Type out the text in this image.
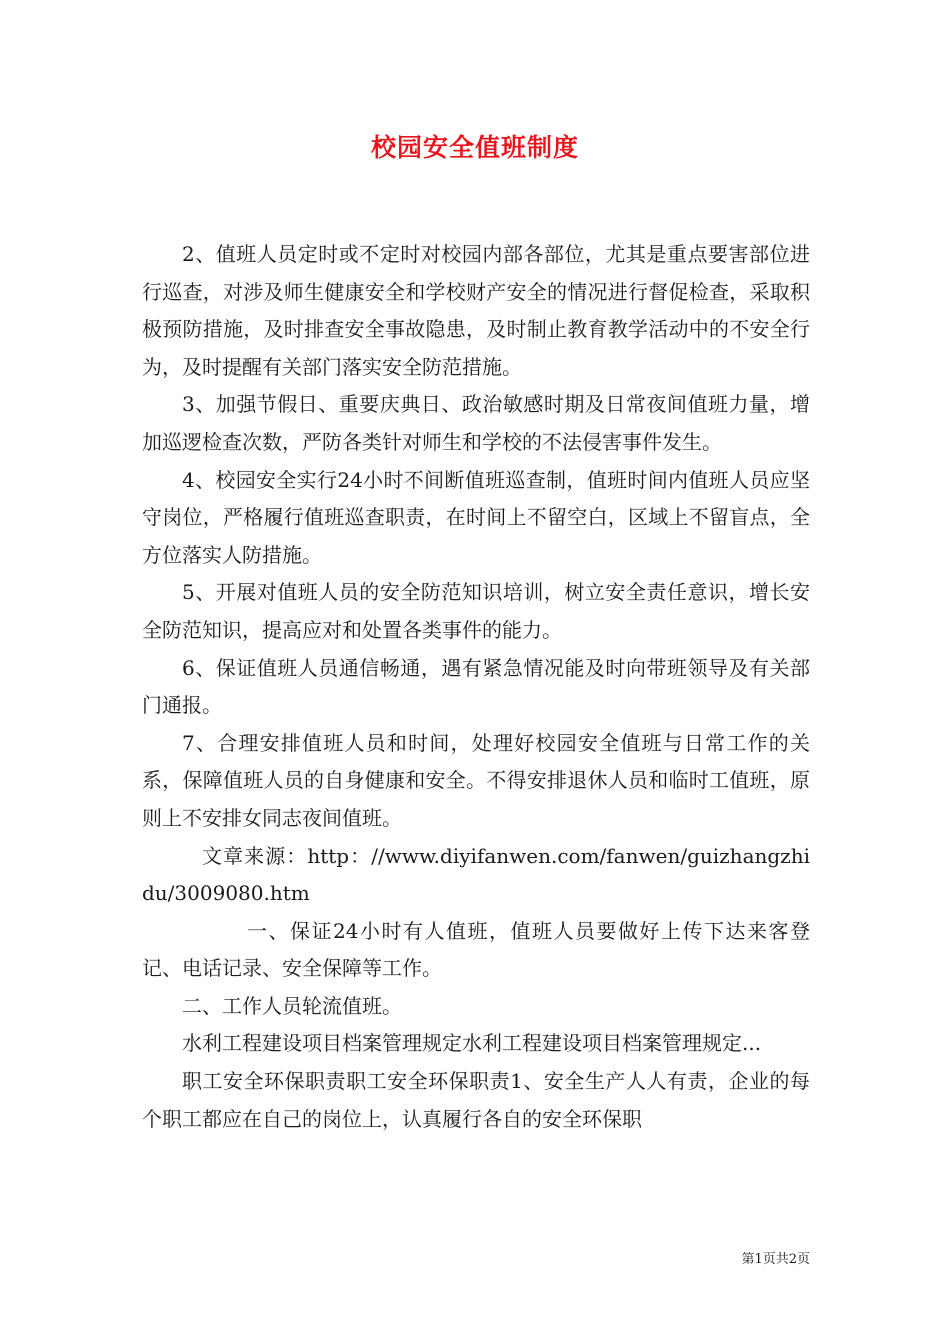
校园安全值班制度

2、值班人员定时或不定时对校园内部各部位，尤其是重点要害部位进行巡查，对涉及师生健康安全和学校财产安全的情况进行督促检查，采取积极预防措施，及时排查安全事故隐患，及时制止教育教学活动中的不安全行为，及时提醒有关部门落实安全防范措施。

3、加强节假日、重要庆典日、政治敏感时期及日常夜间值班力量，增加巡逻检查次数，严防各类针对师生和学校的不法侵害事件发生。

4、校园安全实行24小时不间断值班巡查制，值班时间内值班人员应坚守岗位，严格履行值班巡查职责，在时间上不留空白，区域上不留盲点，全方位落实人防措施。

5、开展对值班人员的安全防范知识培训，树立安全责任意识，增长安全防范知识，提高应对和处置各类事件的能力。

6、保证值班人员通信畅通，遇有紧急情况能及时向带班领导及有关部门通报。

7、合理安排值班人员和时间，处理好校园安全值班与日常工作的关系，保障值班人员的自身健康和安全。不得安排退休人员和临时工值班，原则上不安排女同志夜间值班。

文章来源：http：//www.diyifanwen.com/fanwen/guizhangzhidu/3009080.htm

一、保证24小时有人值班，值班人员要做好上传下达来客登记、电话记录、安全保障等工作。

二、工作人员轮流值班。

水利工程建设项目档案管理规定水利工程建设项目档案管理规定...

职工安全环保职责职工安全环保职责1、安全生产人人有责，企业的每个职工都应在自己的岗位上，认真履行各自的安全环保职

第1页共2页
